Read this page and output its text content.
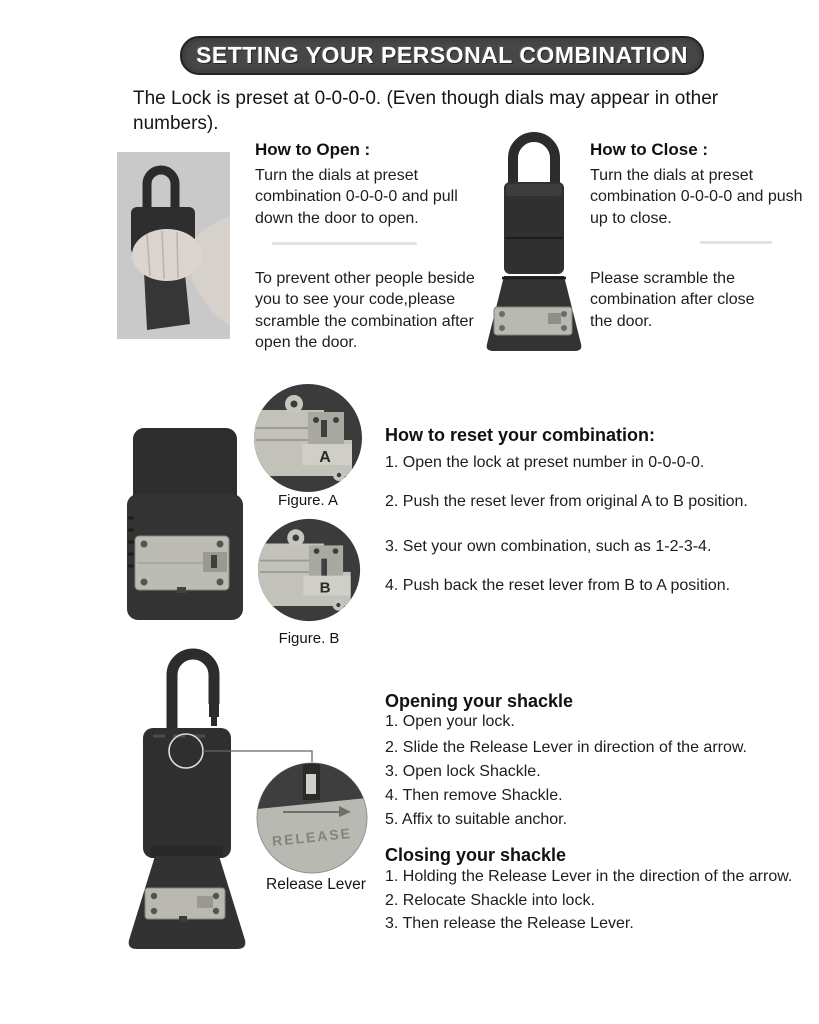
SETTING YOUR PERSONAL COMBINATION
The Lock is preset at 0-0-0-0. (Even though dials may appear in other numbers).
How to Open :
Turn the dials at preset combination 0-0-0-0 and pull down the door to open.
To prevent other people beside you to see your code,please scramble the combination after open the door.
How to Close :
Turn the dials at preset combination 0-0-0-0 and push up to close.
Please scramble the combination after close the door.
A
Figure. A
B
Figure. B
How to reset your combination:
1. Open the lock at preset number in 0-0-0-0.
2. Push the reset lever from original A to B position.
3. Set your own combination, such as 1-2-3-4.
4. Push back the reset lever from B to A position.
RELEASE
Release Lever
Opening your shackle
1. Open your lock.
2. Slide the Release Lever in direction of the arrow.
3. Open lock Shackle.
4. Then remove Shackle.
5. Affix to suitable anchor.
Closing your shackle
1. Holding the Release Lever in the direction of the arrow.
2. Relocate Shackle into lock.
3. Then release the Release Lever.
